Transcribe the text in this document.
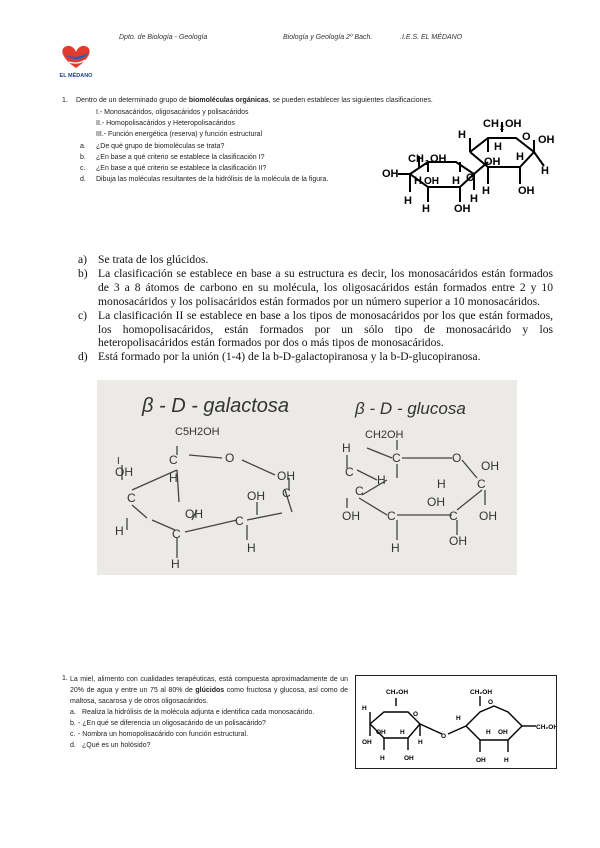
EL MÉDANO
Dpto. de Biología - Geología	Biología y Geología 2º Bach.	.I.E.S. EL MÉDANO
1. Dentro de un determinado grupo de biomoléculas orgánicas, se pueden establecer las siguientes clasificaciones.
I.- Monosacáridos, oligosacáridos y polisacáridos
II.- Homopolisacáridos y Heteropolisacáridos
III.- Función energética (reserva) y función estructural
a. ¿De qué grupo de biomoléculas se trata?
b. ¿En base a qué criterio se establece la clasificación I?
c. ¿En base a qué criterio se establece la clasificación II?
d. Dibuja las moléculas resultantes de la hidrólisis de la molécula de la figura.
CH 2 OH
OH
H	O
H
OH H
H
H	OH
CH 2 OH
OH	O
H OH H
H
H OH
H
a) Se trata de los glúcidos.
b) La clasificación se establece en base a su estructura es decir, los monosacáridos están formados de 3 a 8 átomos de carbono en su molécula, los oligosacáridos están formados entre 2 y 10 monosacáridos y los polisacáridos están formados por un número superior a 10 monosacáridos.
c) La clasificación II se establece en base a los tipos de monosacáridos por los que están formados, los homopolisacáridos, están formados por un sólo tipo de monosacárido y los heteropolisacáridos están formados por dos o más tipos de monosacáridos.
d) Está formado por la unión (1-4) de la b-D-galactopiranosa y la b-D-glucopiranosa.
β - D - galactosa	β - D - glucosa
C5H2OH
C	O
OH
OH
I
C
H
H
C
C
C
OH
H
OH
H
CH2OH
C	O
OH
H
C
H
C
OH C	C
C
OH
H	OH
H
OH
1. La miel, alimento con cualidades terapéuticas, está compuesta aproximadamente de un 20% de agua y entre un 75 al 80% de glúcidos como fructosa y glucosa, así como de maltosa, sacarosa y de otros oligosacáridos.
a. Realiza la hidrólisis de la molécula adjunta e identifica cada monosacárido.
b. - ¿En qué se diferencia un oligosacárido de un polisacárido?
c. - Nombra un homopolisacárido con función estructural.
d. ¿Qué es un holósido?
CH₂OH
H
O
OH
H	OH
OH H
H
O
CH₂OH
O
H
CH₂OH
OH	H
H OH
